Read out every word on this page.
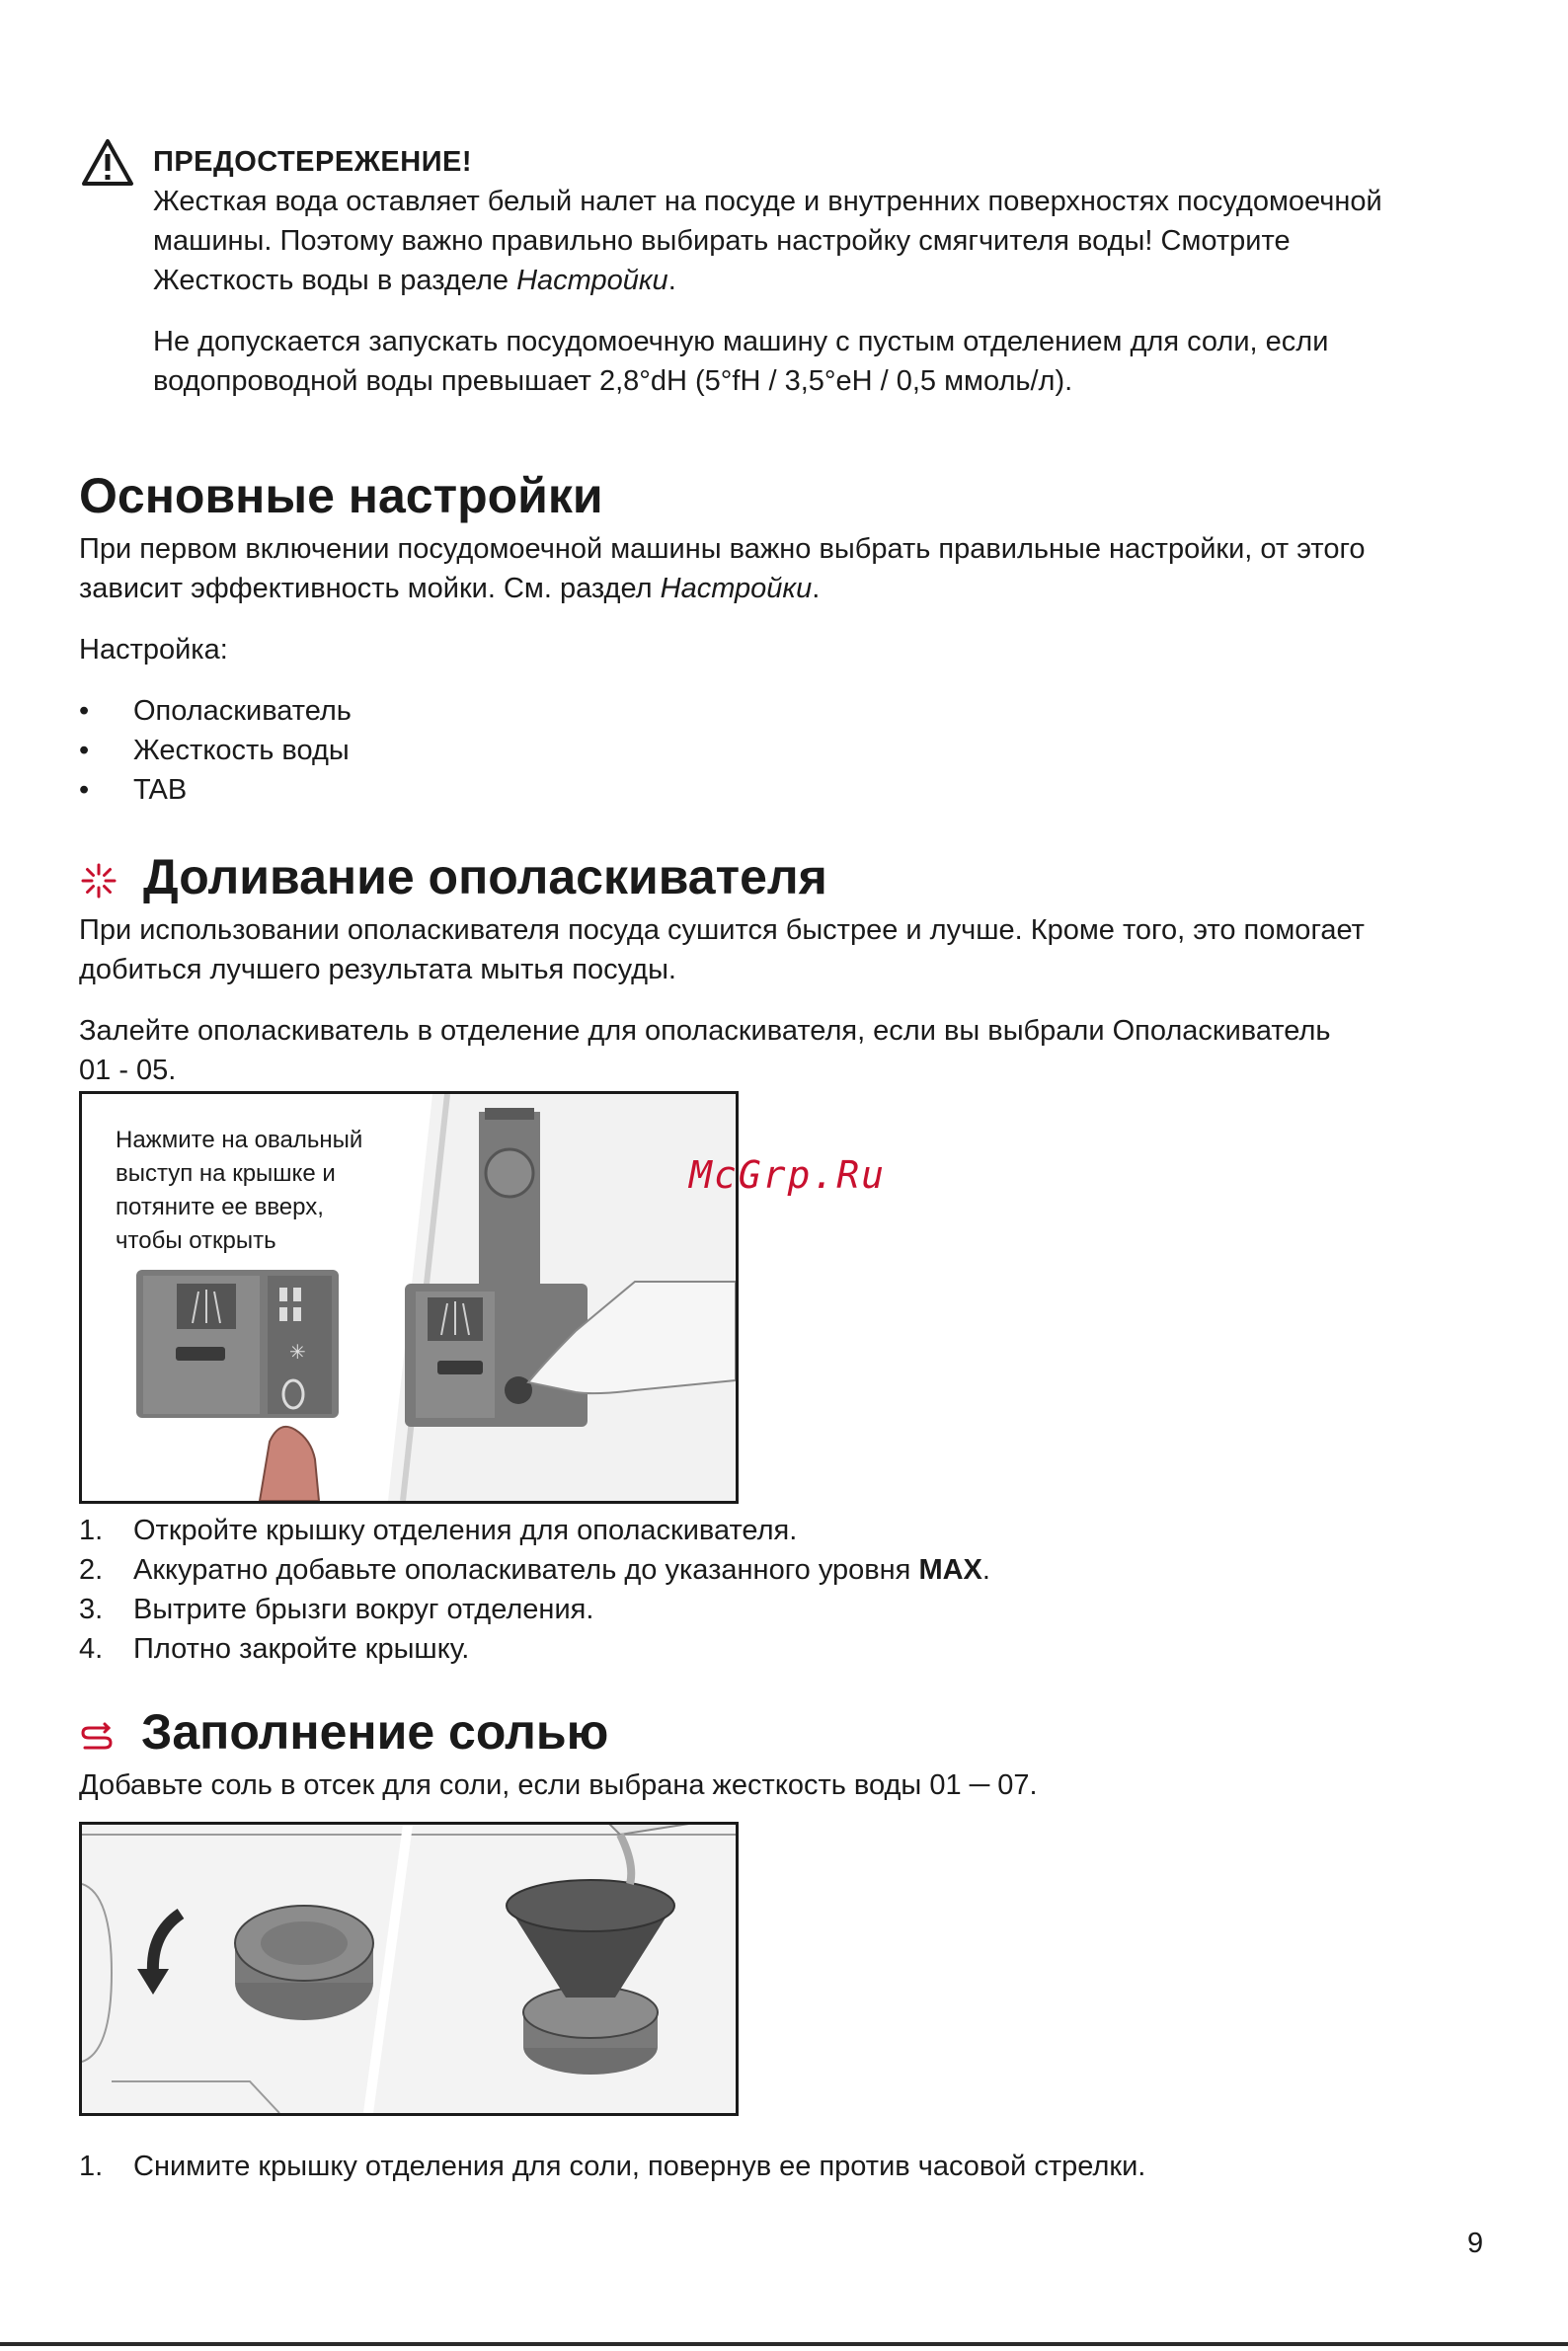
ПРЕДОСТЕРЕЖЕНИЕ!
Жесткая вода оставляет белый налет на посуде и внутренних поверхностях посудомоечной
машины. Поэтому важно правильно выбирать настройку смягчителя воды! Смотрите
Жесткость воды в разделе Настройки.
Не допускается запускать посудомоечную машину с пустым отделением для соли, если
водопроводной воды превышает 2,8°dH (5°fH / 3,5°eH / 0,5 ммоль/л).
Основные настройки
При первом включении посудомоечной машины важно выбрать правильные настройки, от этого
зависит эффективность мойки. См. раздел Настройки.
Настройка:
•	Ополаскиватель
•	Жесткость воды
•	TAB
Доливание ополаскивателя
При использовании ополаскивателя посуда сушится быстрее и лучше. Кроме того, это помогает
добиться лучшего результата мытья посуды.
Залейте ополаскиватель в отделение для ополаскивателя, если вы выбрали Ополаскиватель
01 - 05.
✳
Нажмите на овальный
выступ на крышке и
потяните ее вверх,
чтобы открыть
McGrp.Ru
1.	Откройте крышку отделения для ополаскивателя.
2.	Аккуратно добавьте ополаскиватель до указанного уровня MAX.
3.	Вытрите брызги вокруг отделения.
4.	Плотно закройте крышку.
Заполнение солью
Добавьте соль в отсек для соли, если выбрана жесткость воды 01 ─ 07.
1.	Снимите крышку отделения для соли, повернув ее против часовой стрелки.
9
